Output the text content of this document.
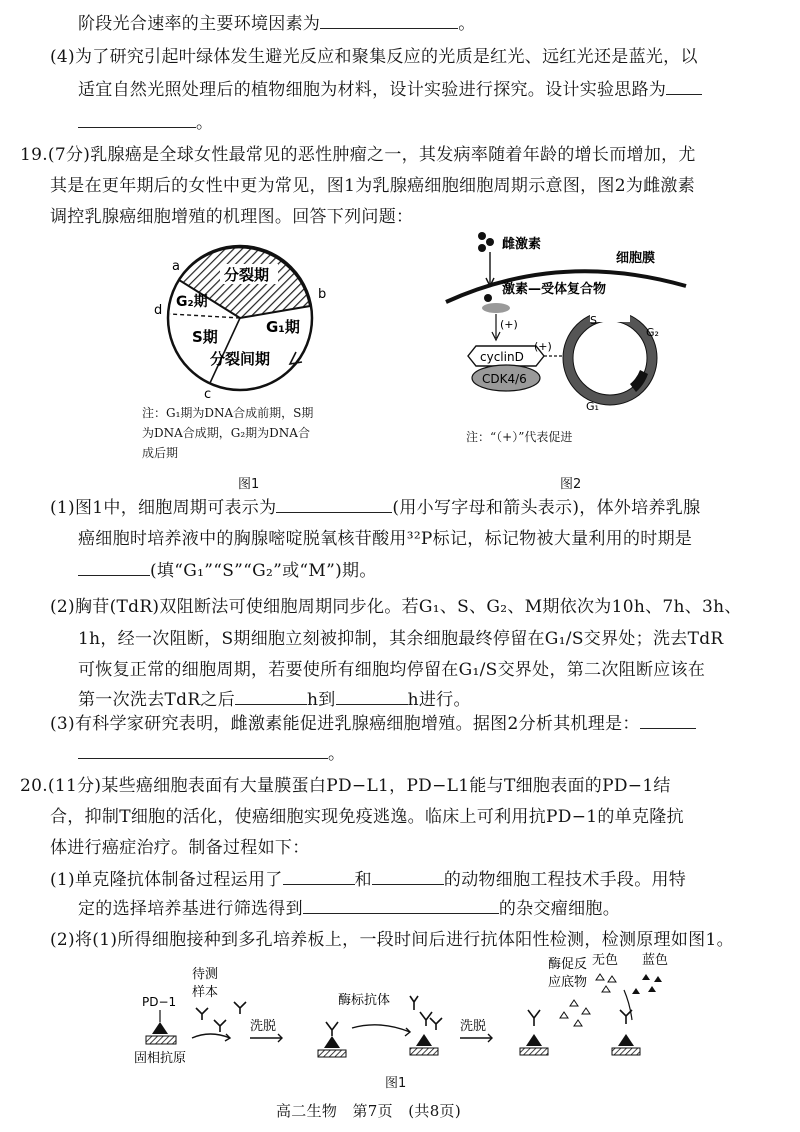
阶段光合速率的主要环境因素为	。
(4)为了研究引起叶绿体发生避光反应和聚集反应的光质是红光、远红光还是蓝光，以
适宜自然光照处理后的植物细胞为材料，设计实验进行探究。设计实验思路为
。
19.(7分)乳腺癌是全球女性最常见的恶性肿瘤之一，其发病率随着年龄的增长而增加，尤
其是在更年期后的女性中更为常见，图1为乳腺癌细胞细胞周期示意图，图2为雌激素
调控乳腺癌细胞增殖的机理图。回答下列问题：
a
b
c
d
分裂期
G₂期
S期
G₁期
分裂间期
注：G₁期为DNA合成前期，S期
为DNA合成期，G₂期为DNA合
成后期
图1
雌激素
细胞膜
激素—受体复合物
(+)
cyclinD
CDK4/6
(+)
S
G₂
G₁
注：“（+）”代表促进
图2
(1)图1中，细胞周期可表示为	(用小写字母和箭头表示)，体外培养乳腺
癌细胞时培养液中的胸腺嘧啶脱氧核苷酸用³²P标记，标记物被大量利用的时期是
(填“G₁”“S”“G₂”或“M”)期。
(2)胸苷(TdR)双阻断法可使细胞周期同步化。若G₁、S、G₂、M期依次为10h、7h、3h、
1h，经一次阻断，S期细胞立刻被抑制，其余细胞最终停留在G₁/S交界处；洗去TdR
可恢复正常的细胞周期，若要使所有细胞均停留在G₁/S交界处，第二次阻断应该在
第一次洗去TdR之后	h到	h进行。
(3)有科学家研究表明，雌激素能促进乳腺癌细胞增殖。据图2分析其机理是：
。
20.(11分)某些癌细胞表面有大量膜蛋白PD−L1，PD−L1能与T细胞表面的PD−1结
合，抑制T细胞的活化，使癌细胞实现免疫逃逸。临床上可利用抗PD−1的单克隆抗
体进行癌症治疗。制备过程如下：
(1)单克隆抗体制备过程运用了	和	的动物细胞工程技术手段。用特
定的选择培养基进行筛选得到	的杂交瘤细胞。
(2)将(1)所得细胞接种到多孔培养板上，一段时间后进行抗体阳性检测，检测原理如图1。
PD−1
固相抗原
待测
样本
洗脱
酶标抗体
洗脱
酶促反
应底物
无色 蓝色
图1
高二生物　第7页　(共8页)
